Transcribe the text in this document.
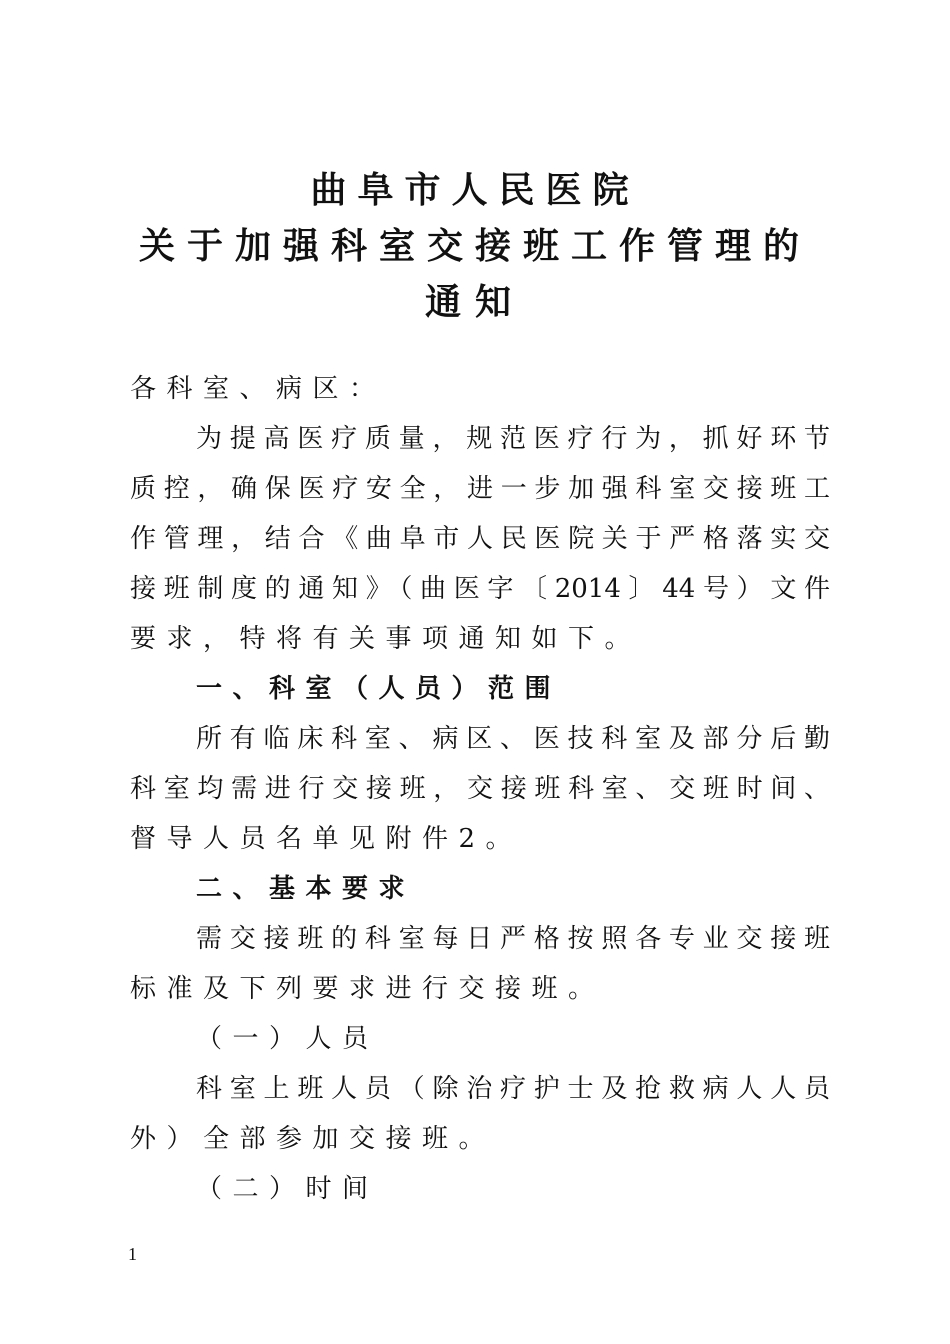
曲阜市人民医院
关于加强科室交接班工作管理的
通知
各科室、病区：
为提高医疗质量，规范医疗行为，抓好环节
质控，确保医疗安全，进一步加强科室交接班工
作管理，结合《曲阜市人民医院关于严格落实交
接班制度的通知》（曲医字〔2014〕44号）文件
要求，特将有关事项通知如下。
一、科室（人员）范围
所有临床科室、病区、医技科室及部分后勤
科室均需进行交接班，交接班科室、交班时间、
督导人员名单见附件2。
二、基本要求
需交接班的科室每日严格按照各专业交接班
标准及下列要求进行交接班。
（一）人员
科室上班人员（除治疗护士及抢救病人人员
外）全部参加交接班。
（二）时间
1
